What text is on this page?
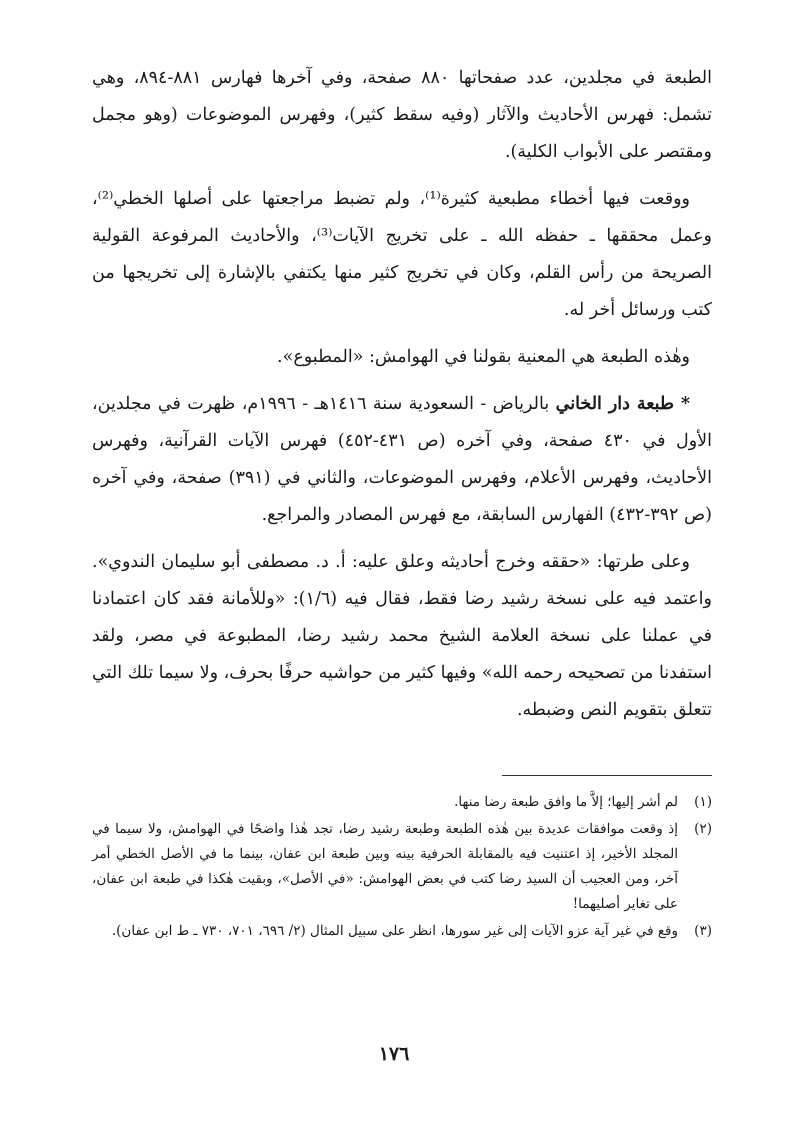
الطبعة في مجلدين، عدد صفحاتها ٨٨٠ صفحة، وفي آخرها فهارس ٨٨١-٨٩٤، وهي تشمل: فهرس الأحاديث والآثار (وفيه سقط كثير)، وفهرس الموضوعات (وهو مجمل ومقتصر على الأبواب الكلية).

ووقعت فيها أخطاء مطبعية كثيرة⁽¹⁾، ولم تضبط مراجعتها على أصلها الخطي⁽²⁾، وعمل محققها ـ حفظه الله ـ على تخريج الآيات⁽³⁾، والأحاديث المرفوعة القولية الصريحة من رأس القلم، وكان في تخريج كثير منها يكتفي بالإشارة إلى تخريجها من كتب ورسائل أخر له.

وهٰذه الطبعة هي المعنية بقولنا في الهوامش: «المطبوع».

* طبعة دار الخاني بالرياض - السعودية سنة ١٤١٦هـ - ١٩٩٦م، ظهرت في مجلدين، الأول في ٤٣٠ صفحة، وفي آخره (ص ٤٣١-٤٥٢) فهرس الآيات القرآنية، وفهرس الأحاديث، وفهرس الأعلام، وفهرس الموضوعات، والثاني في (٣٩١) صفحة، وفي آخره (ص ٣٩٢-٤٣٢) الفهارس السابقة، مع فهرس المصادر والمراجع.

وعلى طرتها: «حققه وخرج أحاديثه وعلق عليه: أ. د. مصطفى أبو سليمان الندوي». واعتمد فيه على نسخة رشيد رضا فقط، فقال فيه (١/٦): «وللأمانة فقد كان اعتمادنا في عملنا على نسخة العلامة الشيخ محمد رشيد رضا، المطبوعة في مصر، ولقد استفدنا من تصحيحه رحمه الله» وفيها كثير من حواشيه حرفًا بحرف، ولا سيما تلك التي تتعلق بتقويم النص وضبطه.

(١)
لم أشر إليها؛ إلاَّ ما وافق طبعة رضا منها.
(٢)
إذ وقعت موافقات عديدة بين هٰذه الطبعة وطبعة رشيد رضا، تجد هٰذا واضحًا في الهوامش، ولا سيما في المجلد الأخير، إذ اعتنيت فيه بالمقابلة الحرفية بينه وبين طبعة ابن عفان، بينما ما في الأصل الخطي أمر آخر، ومن العجيب أن السيد رضا كتب في بعض الهوامش: «في الأصل»، وبقيت هٰكذا في طبعة ابن عفان، على تغاير أصليهما!
(٣)
وقع في غير آية عزو الآيات إلى غير سورها، انظر على سبيل المثال (٢/ ٦٩٦، ٧٠١، ٧٣٠ ـ ط ابن عفان).
١٧٦
